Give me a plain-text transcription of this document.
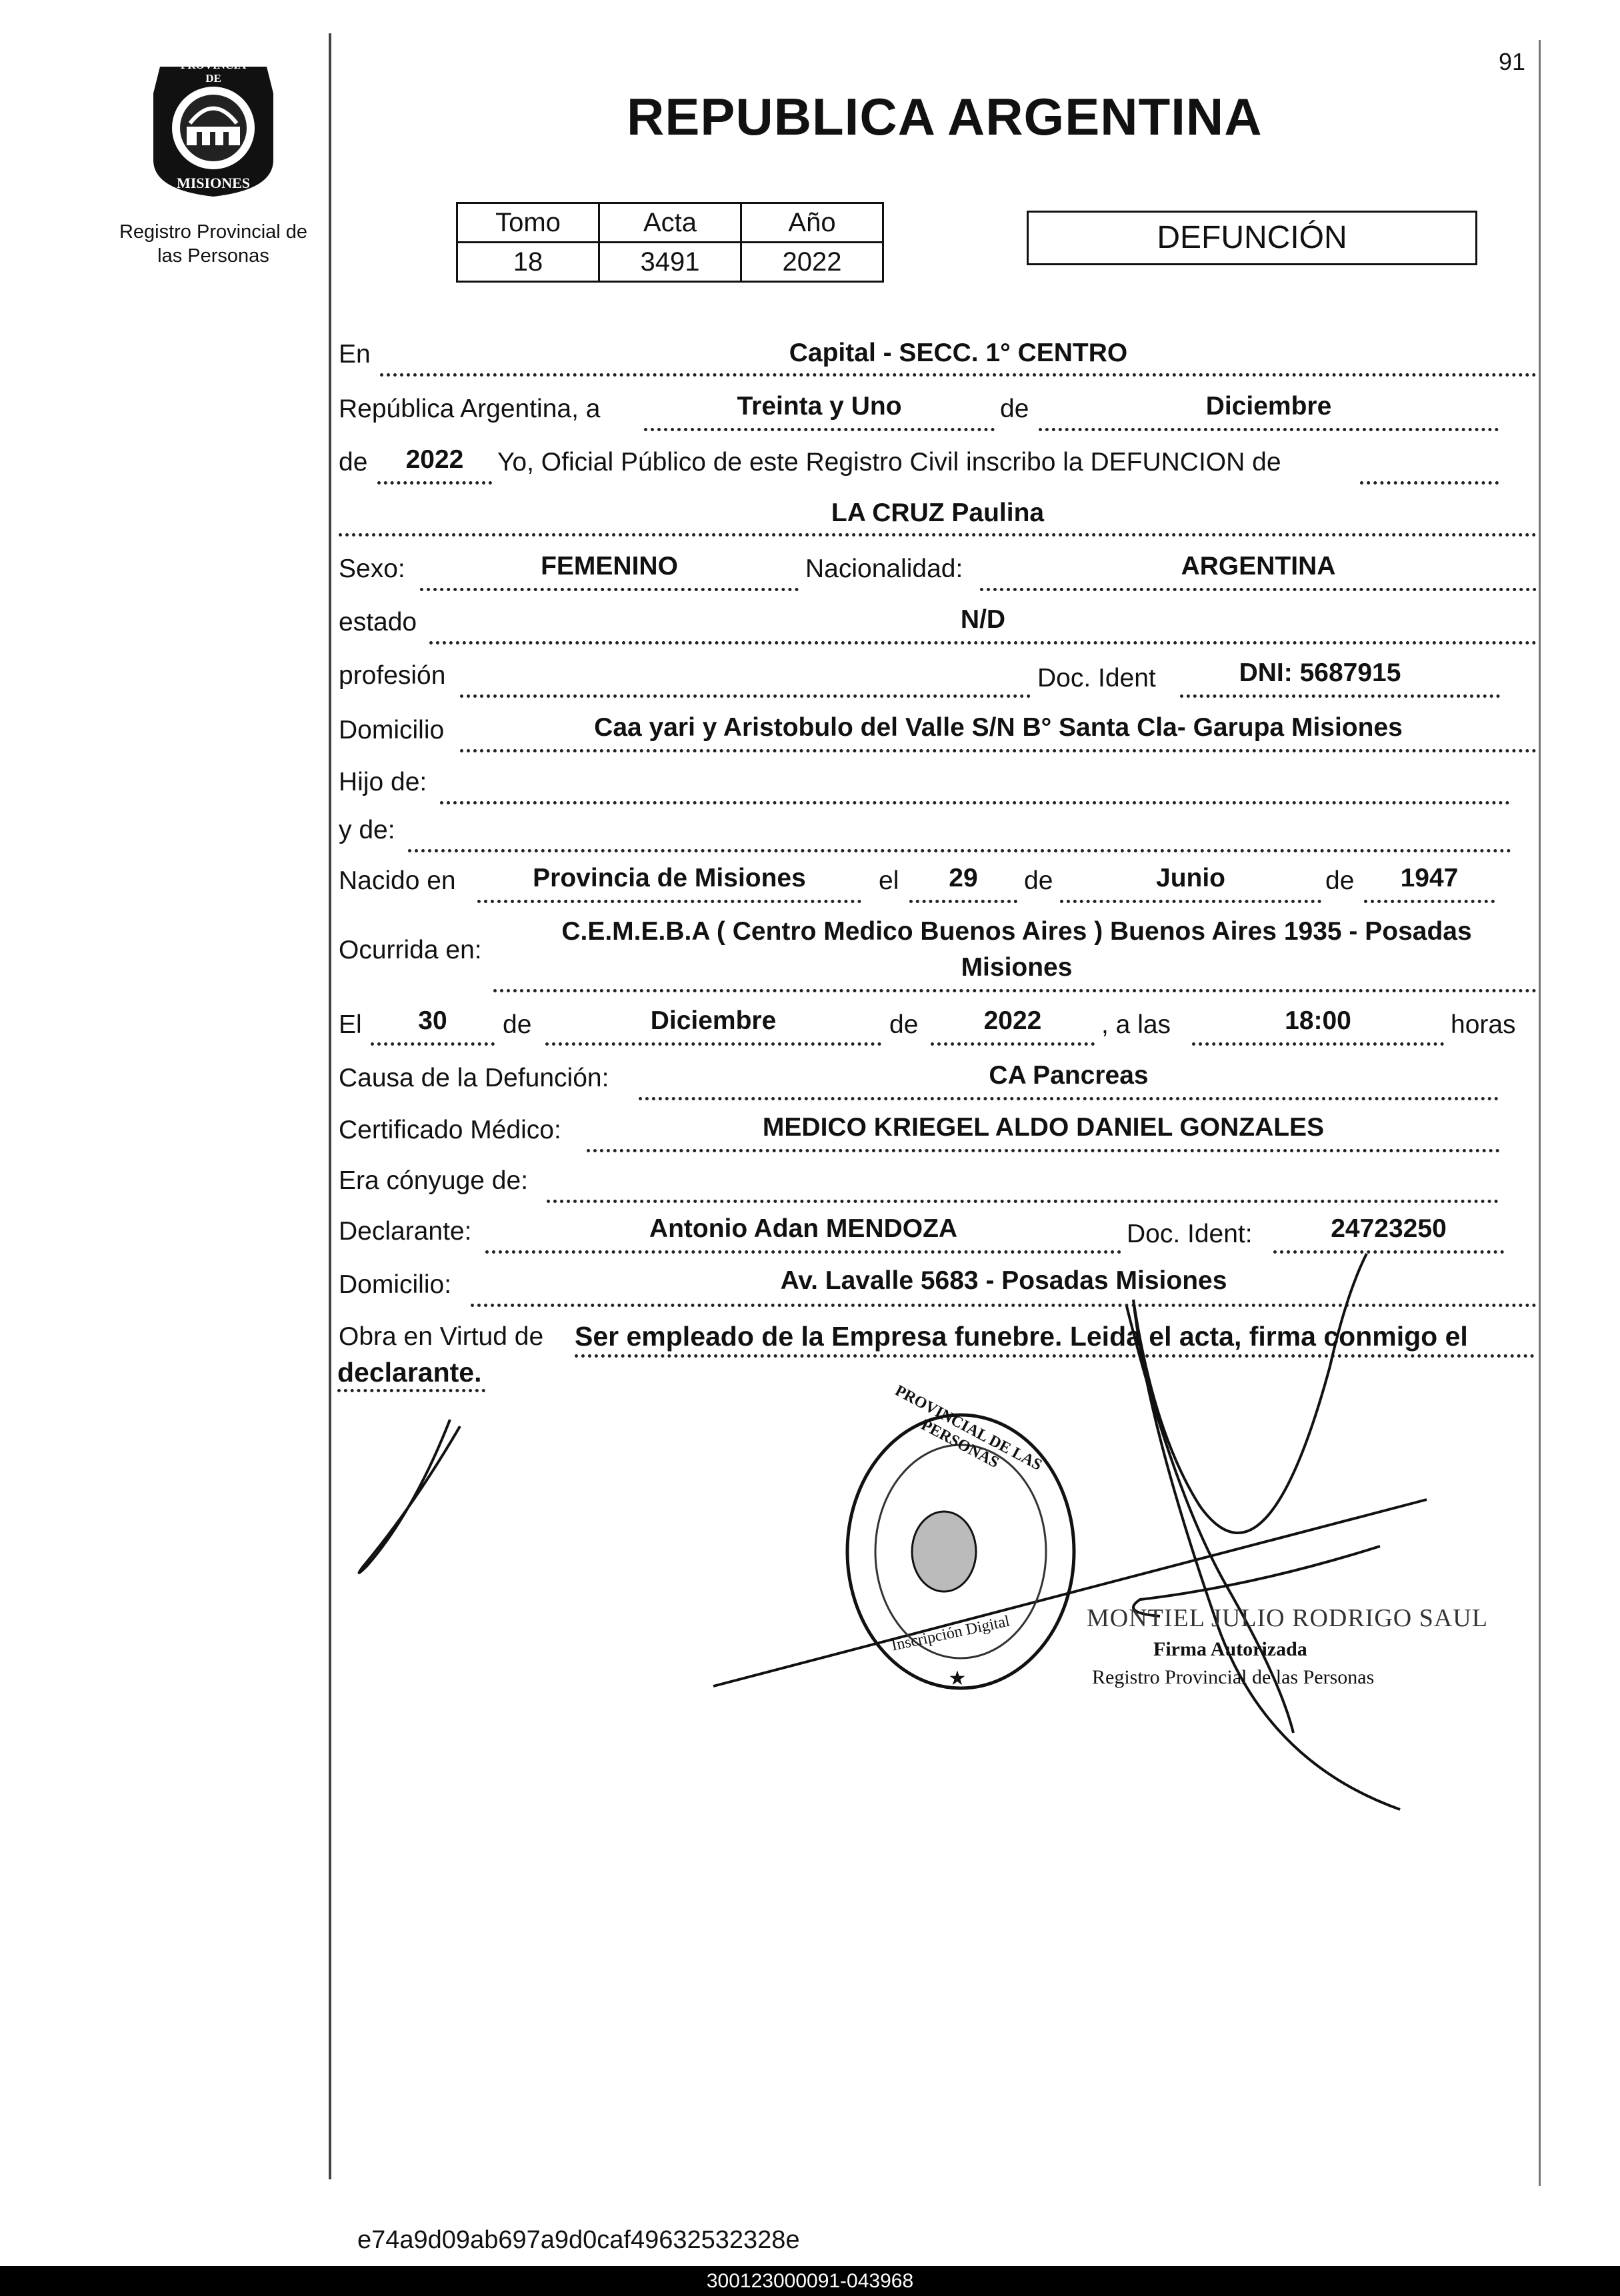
91
PROVINCIA DE
MISIONES
Registro Provincial de
las Personas
REPUBLICA ARGENTINA
Tomo	Acta	Año
18	3491	2022
DEFUNCIÓN
En	Capital - SECC. 1° CENTRO
República Argentina, a	Treinta y Uno	de	Diciembre
de	2022	Yo, Oficial Público de este Registro Civil inscribo la DEFUNCION de
LA CRUZ Paulina
Sexo:	FEMENINO	Nacionalidad:	ARGENTINA
estado	N/D
profesión	Doc. Ident	DNI: 5687915
Domicilio	Caa yari y Aristobulo del Valle S/N B° Santa Cla- Garupa Misiones
Hijo de:
y de:
Nacido en	Provincia de Misiones	el	29	de	Junio	de	1947
Ocurrida en:
C.E.M.E.B.A ( Centro Medico Buenos Aires ) Buenos Aires 1935 - Posadas
Misiones
El	30	de	Diciembre	de	2022	, a las	18:00	horas
Causa de la Defunción:	CA Pancreas
Certificado Médico:	MEDICO KRIEGEL ALDO DANIEL GONZALES
Era cónyuge de:
Declarante:	Antonio Adan MENDOZA	Doc. Ident:	24723250
Domicilio:	Av. Lavalle 5683 - Posadas Misiones
Obra en Virtud de Ser empleado de la Empresa funebre. Leida el acta, firma conmigo el
declarante.
★
PROVINCIAL DE LAS PERSONAS
Inscripción Digital	MONTIEL JULIO RODRIGO SAUL
Firma Autorizada
Registro Provincial de las Personas
e74a9d09ab697a9d0caf49632532328e
300123000091-043968
